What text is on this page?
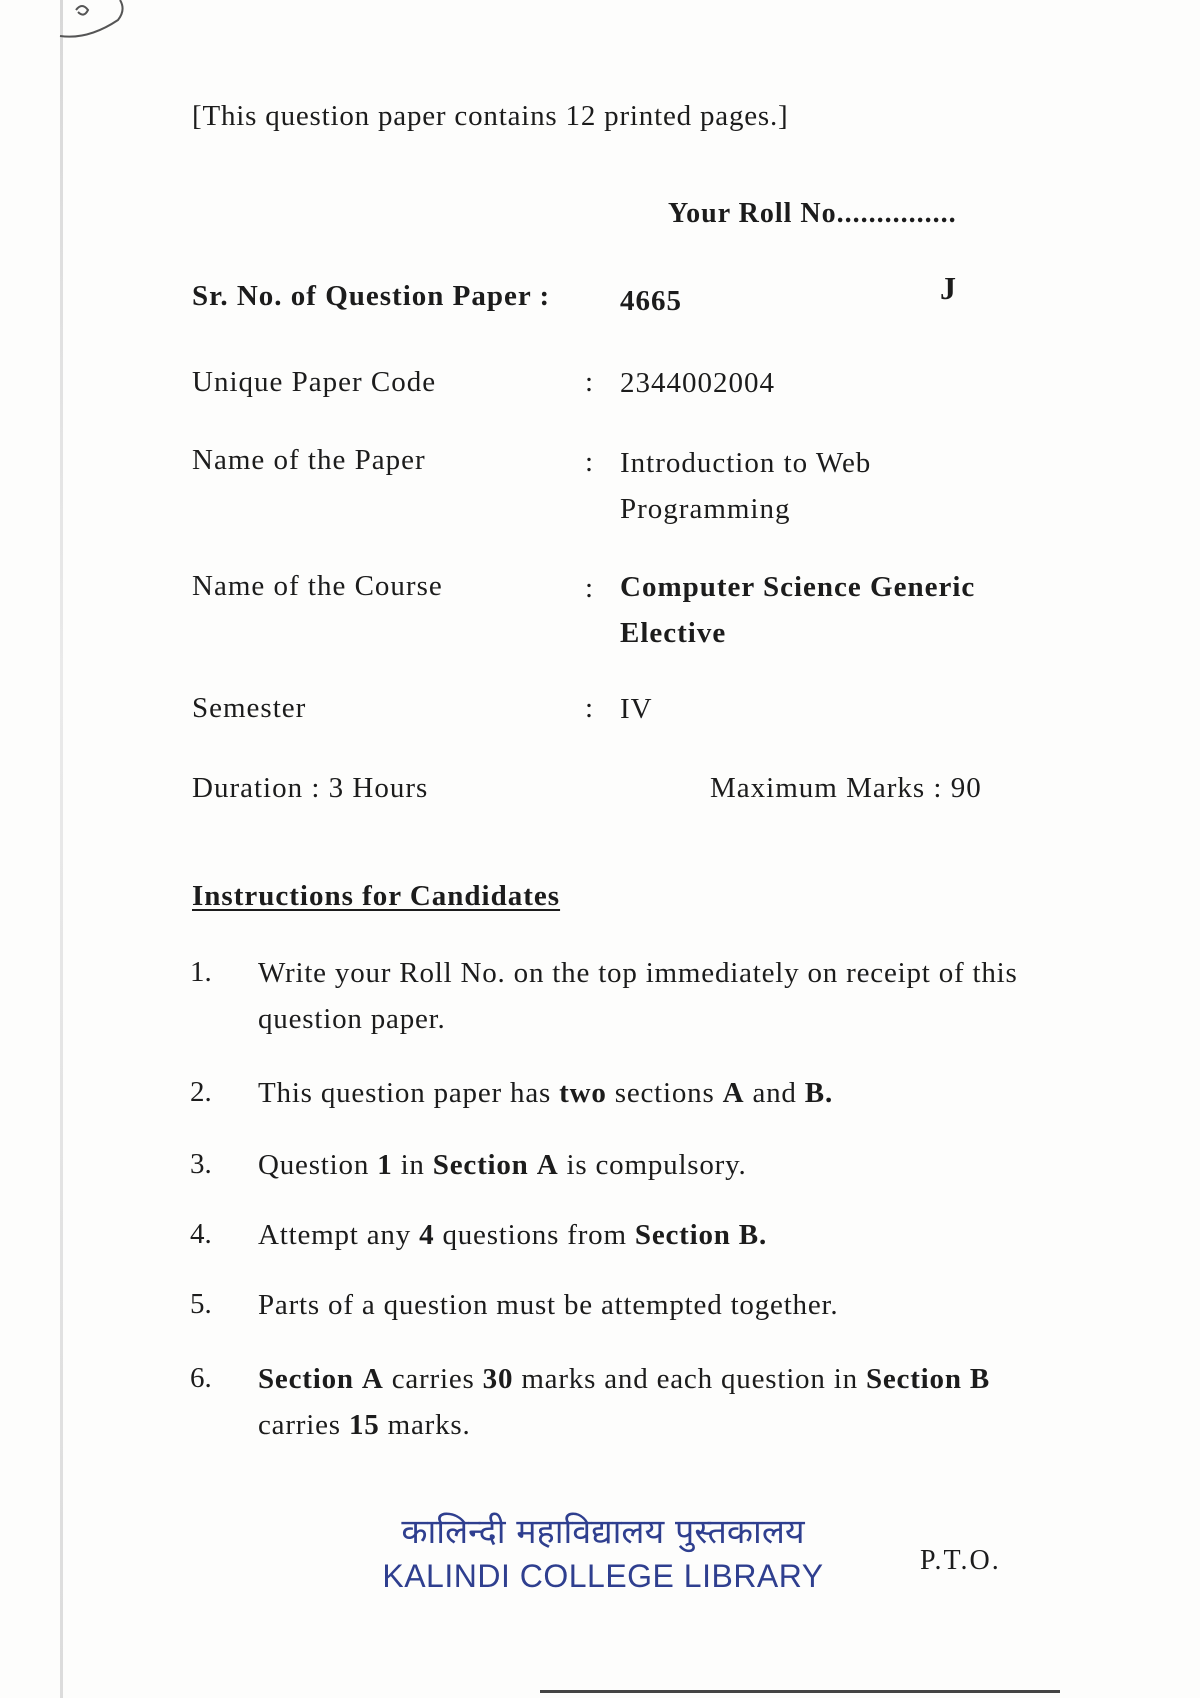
[This question paper contains 12 printed pages.]
Your Roll No...............
Sr. No. of Question Paper : 4665	J
Unique Paper Code	: 2344002004
Name of the Paper	: Introduction to Web
Programming
Name of the Course	: Computer Science Generic
Elective
Semester	: IV
Duration : 3 Hours	Maximum Marks : 90
Instructions for Candidates
1. Write your Roll No. on the top immediately on receipt of this question paper.
2. This question paper has two sections A and B.
3. Question 1 in Section A is compulsory.
4. Attempt any 4 questions from Section B.
5. Parts of a question must be attempted together.
6. Section A carries 30 marks and each question in Section B carries 15 marks.
कालिन्दी महाविद्यालय पुस्तकालय
KALINDI COLLEGE LIBRARY	P.T.O.
